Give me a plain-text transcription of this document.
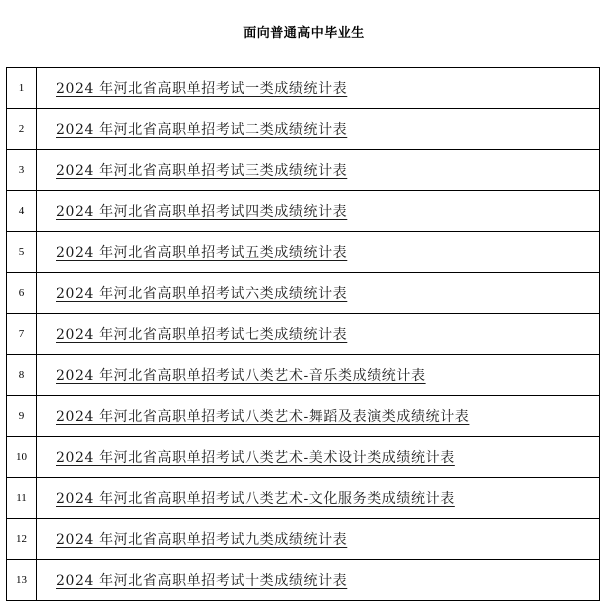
面向普通高中毕业生
1	2024 年河北省高职单招考试一类成绩统计表
2	2024 年河北省高职单招考试二类成绩统计表
3	2024 年河北省高职单招考试三类成绩统计表
4	2024 年河北省高职单招考试四类成绩统计表
5	2024 年河北省高职单招考试五类成绩统计表
6	2024 年河北省高职单招考试六类成绩统计表
7	2024 年河北省高职单招考试七类成绩统计表
8	2024 年河北省高职单招考试八类艺术-音乐类成绩统计表
9	2024 年河北省高职单招考试八类艺术-舞蹈及表演类成绩统计表
10	2024 年河北省高职单招考试八类艺术-美术设计类成绩统计表
11	2024 年河北省高职单招考试八类艺术-文化服务类成绩统计表
12	2024 年河北省高职单招考试九类成绩统计表
13	2024 年河北省高职单招考试十类成绩统计表
